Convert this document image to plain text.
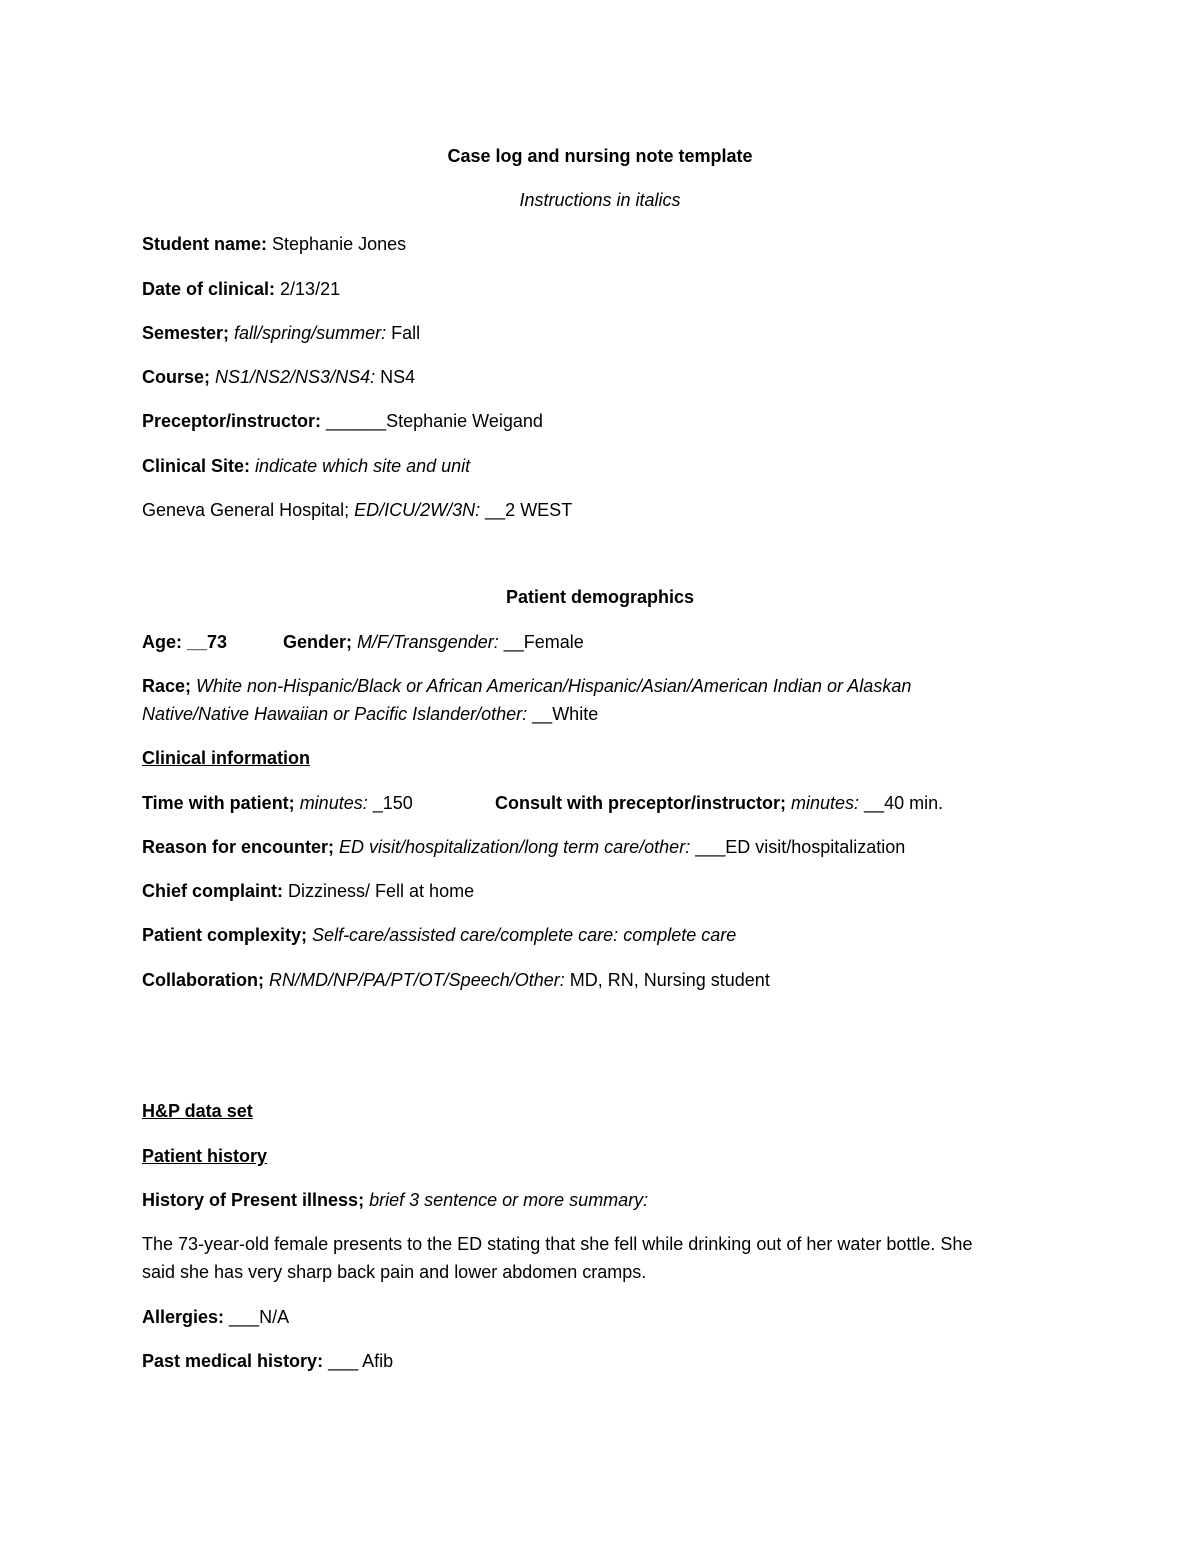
Case log and nursing note template
Instructions in italics
Student name: Stephanie Jones
Date of clinical: 2/13/21
Semester; fall/spring/summer: Fall
Course; NS1/NS2/NS3/NS4: NS4
Preceptor/instructor: ______Stephanie Weigand
Clinical Site: indicate which site and unit
Geneva General Hospital; ED/ICU/2W/3N: __2 WEST
Patient demographics
Age: __73	Gender; M/F/Transgender: __Female
Race; White non-Hispanic/Black or African American/Hispanic/Asian/American Indian or Alaskan
Native/Native Hawaiian or Pacific Islander/other: __White
Clinical information
Time with patient; minutes: _150	Consult with preceptor/instructor; minutes: __40 min.
Reason for encounter; ED visit/hospitalization/long term care/other: ___ED visit/hospitalization
Chief complaint: Dizziness/ Fell at home
Patient complexity; Self-care/assisted care/complete care: complete care
Collaboration; RN/MD/NP/PA/PT/OT/Speech/Other: MD, RN, Nursing student
H&P data set
Patient history
History of Present illness; brief 3 sentence or more summary:
The 73-year-old female presents to the ED stating that she fell while drinking out of her water bottle. She
said she has very sharp back pain and lower abdomen cramps.
Allergies: ___N/A
Past medical history: ___ Afib
